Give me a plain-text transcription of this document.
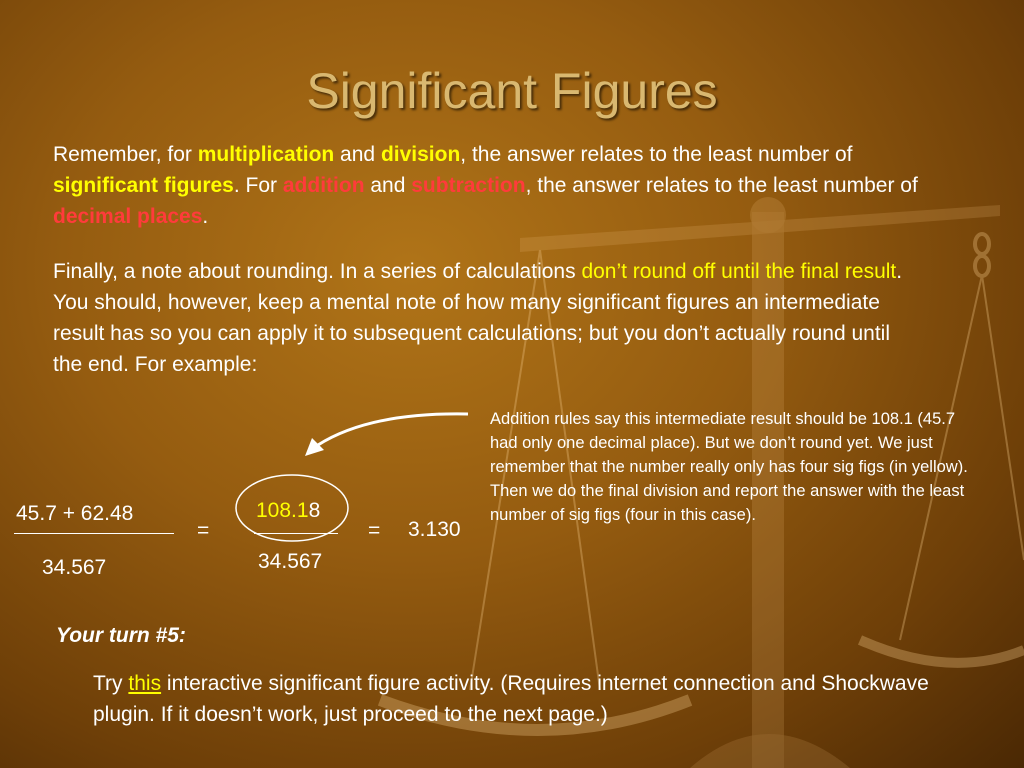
Significant Figures

Remember, for multiplication and division, the answer relates to the least number of significant figures. For addition and subtraction, the answer relates to the least number of decimal places.

Finally, a note about rounding. In a series of calculations don’t round off until the final result. You should, however, keep a mental note of how many significant figures an intermediate result has so you can apply it to subsequent calculations; but you don’t actually round until the end. For example:

Addition rules say this intermediate result should be 108.1 (45.7 had only one decimal place). But we don’t round yet. We just remember that the number really only has four sig figs (in yellow). Then we do the final division and report the answer with the least number of sig figs (four in this case).

45.7 + 62.48
34.567
=
108.18
34.567
= 3.130
Your turn #5:

Try this interactive significant figure activity. (Requires internet connection and Shockwave plugin. If it doesn’t work, just proceed to the next page.)
